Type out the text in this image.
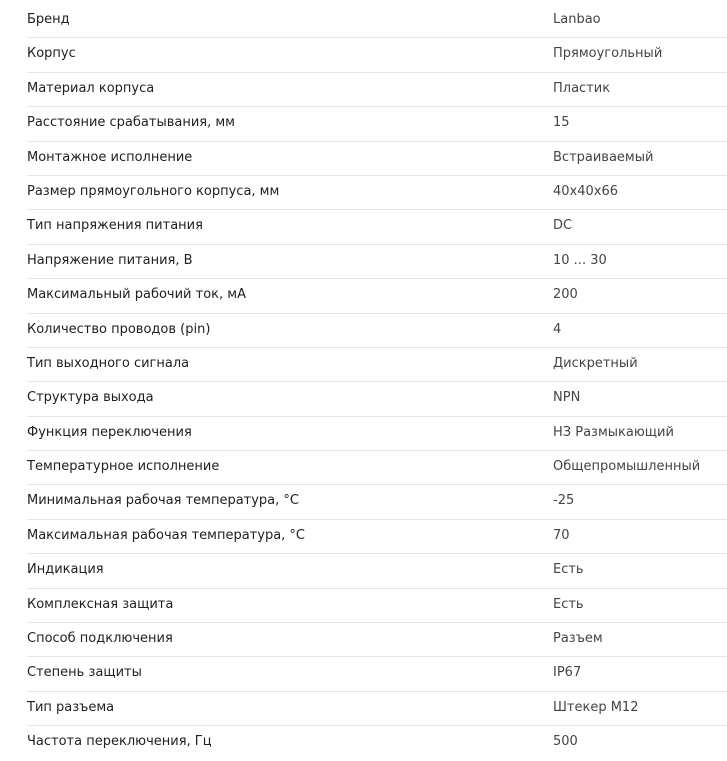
Бренд	Lanbao
Корпус	Прямоугольный
Материал корпуса	Пластик
Расстояние срабатывания, мм	15
Монтажное исполнение	Встраиваемый
Размер прямоугольного корпуса, мм	40x40x66
Тип напряжения питания	DC
Напряжение питания, В	10 ... 30
Максимальный рабочий ток, мА	200
Количество проводов (pin)	4
Тип выходного сигнала	Дискретный
Структура выхода	NPN
Функция переключения	НЗ Размыкающий
Температурное исполнение	Общепромышленный
Минимальная рабочая температура, °C	-25
Максимальная рабочая температура, °C	70
Индикация	Есть
Комплексная защита	Есть
Способ подключения	Разъем
Степень защиты	IP67
Тип разъема	Штекер M12
Частота переключения, Гц	500
